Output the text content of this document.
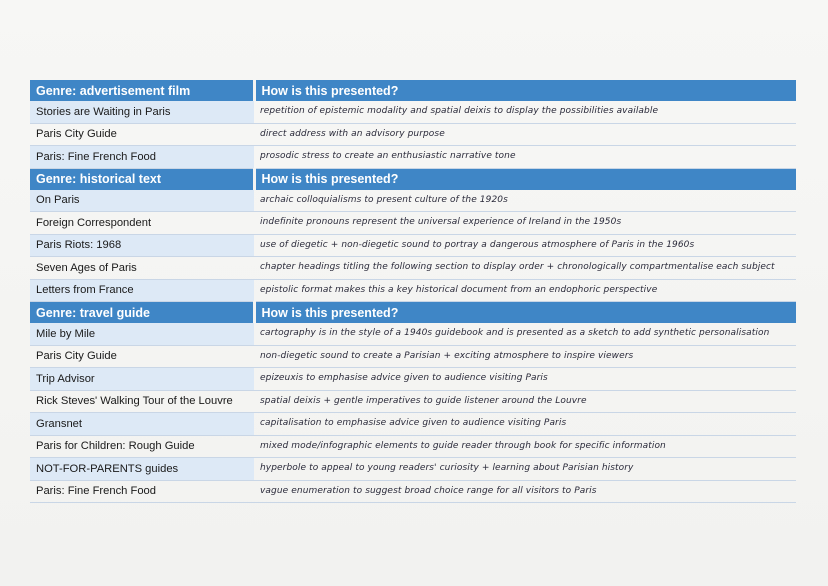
Genre: advertisement film	How is this presented?
Stories are Waiting in Paris	repetition of epistemic modality and spatial deixis to display the possibilities available
Paris City Guide	direct address with an advisory purpose
Paris: Fine French Food	prosodic stress to create an enthusiastic narrative tone
Genre: historical text	How is this presented?
On Paris	archaic colloquialisms to present culture of the 1920s
Foreign Correspondent	indefinite pronouns represent the universal experience of Ireland in the 1950s
Paris Riots: 1968	use of diegetic + non-diegetic sound to portray a dangerous atmosphere of Paris in the 1960s
Seven Ages of Paris	chapter headings titling the following section to display order + chronologically compartmentalise each subject
Letters from France	epistolic format makes this a key historical document from an endophoric perspective
Genre: travel guide	How is this presented?
Mile by Mile	cartography is in the style of a 1940s guidebook and is presented as a sketch to add synthetic personalisation
Paris City Guide	non-diegetic sound to create a Parisian + exciting atmosphere to inspire viewers
Trip Advisor	epizeuxis to emphasise advice given to audience visiting Paris
Rick Steves' Walking Tour of the Louvre	spatial deixis + gentle imperatives to guide listener around the Louvre
Gransnet	capitalisation to emphasise advice given to audience visiting Paris
Paris for Children: Rough Guide	mixed mode/infographic elements to guide reader through book for specific information
NOT-FOR-PARENTS guides	hyperbole to appeal to young readers' curiosity + learning about Parisian history
Paris: Fine French Food	vague enumeration to suggest broad choice range for all visitors to Paris
